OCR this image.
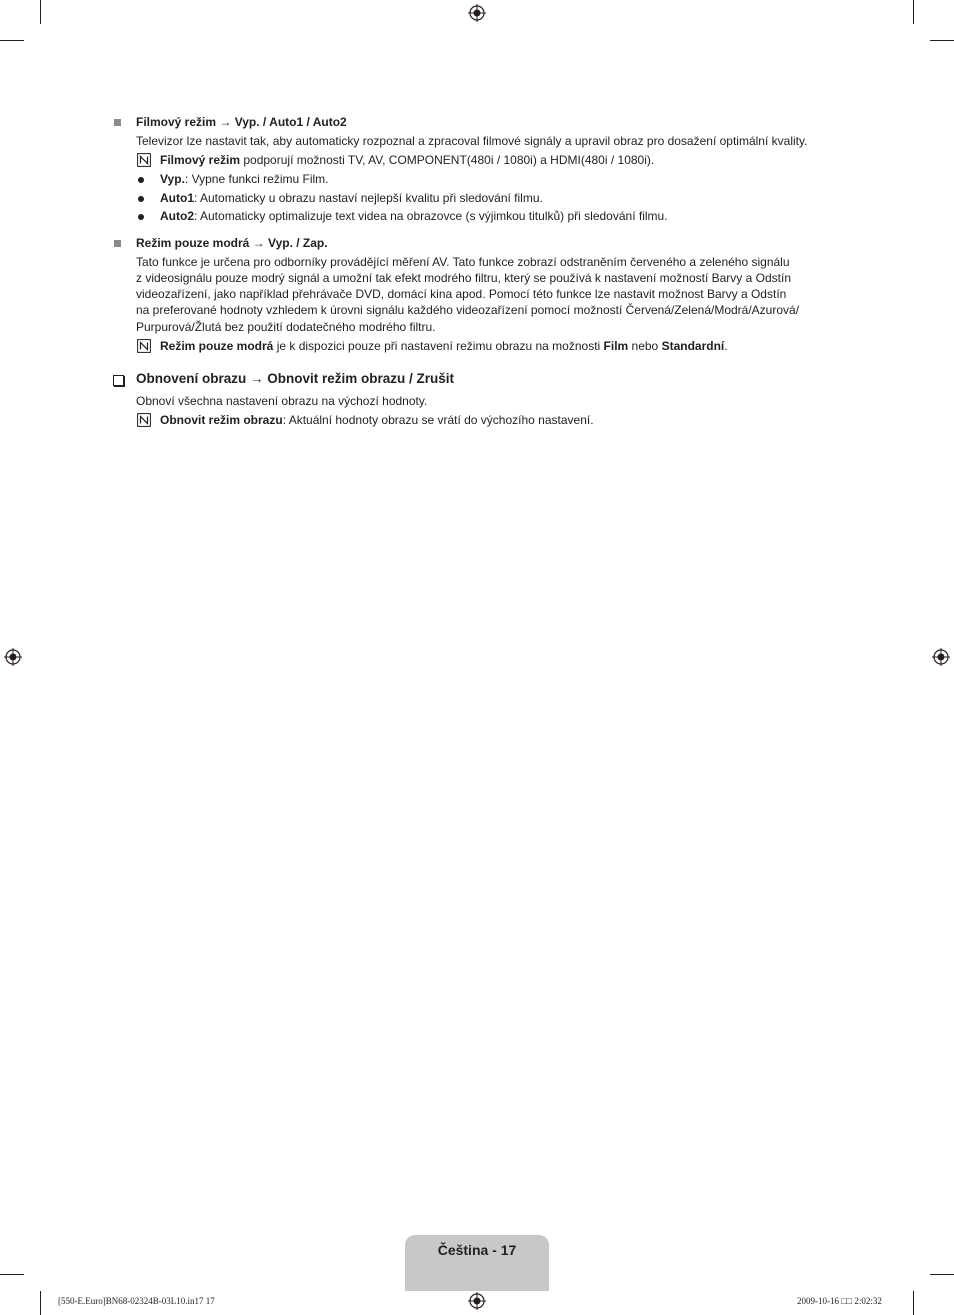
Filmový režim → Vyp. / Auto1 / Auto2
Televizor lze nastavit tak, aby automaticky rozpoznal a zpracoval filmové signály a upravil obraz pro dosažení optimální kvality.
Filmový režim podporují možnosti TV, AV, COMPONENT(480i / 1080i) a HDMI(480i / 1080i).
Vyp.: Vypne funkci režimu Film.
Auto1: Automaticky u obrazu nastaví nejlepší kvalitu při sledování filmu.
Auto2: Automaticky optimalizuje text videa na obrazovce (s výjimkou titulků) při sledování filmu.
Režim pouze modrá → Vyp. / Zap.
Tato funkce je určena pro odborníky provádějící měření AV. Tato funkce zobrazí odstraněním červeného a zeleného signálu
z videosignálu pouze modrý signál a umožní tak efekt modrého filtru, který se používá k nastavení možností Barvy a Odstín
videozařízení, jako například přehrávače DVD, domácí kina apod. Pomocí této funkce lze nastavit možnost Barvy a Odstín
na preferované hodnoty vzhledem k úrovni signálu každého videozařízení pomocí možností Červená/Zelená/Modrá/Azurová/
Purpurová/Žlutá bez použití dodatečného modrého filtru.
Režim pouze modrá je k dispozici pouze při nastavení režimu obrazu na možnosti Film nebo Standardní.
Obnovení obrazu → Obnovit režim obrazu / Zrušit
Obnoví všechna nastavení obrazu na výchozí hodnoty.
Obnovit režim obrazu: Aktuální hodnoty obrazu se vrátí do výchozího nastavení.
Čeština - 17
[550-E.Euro]BN68-02324B-03L10.in17 17	2009-10-16 □□ 2:02:32
